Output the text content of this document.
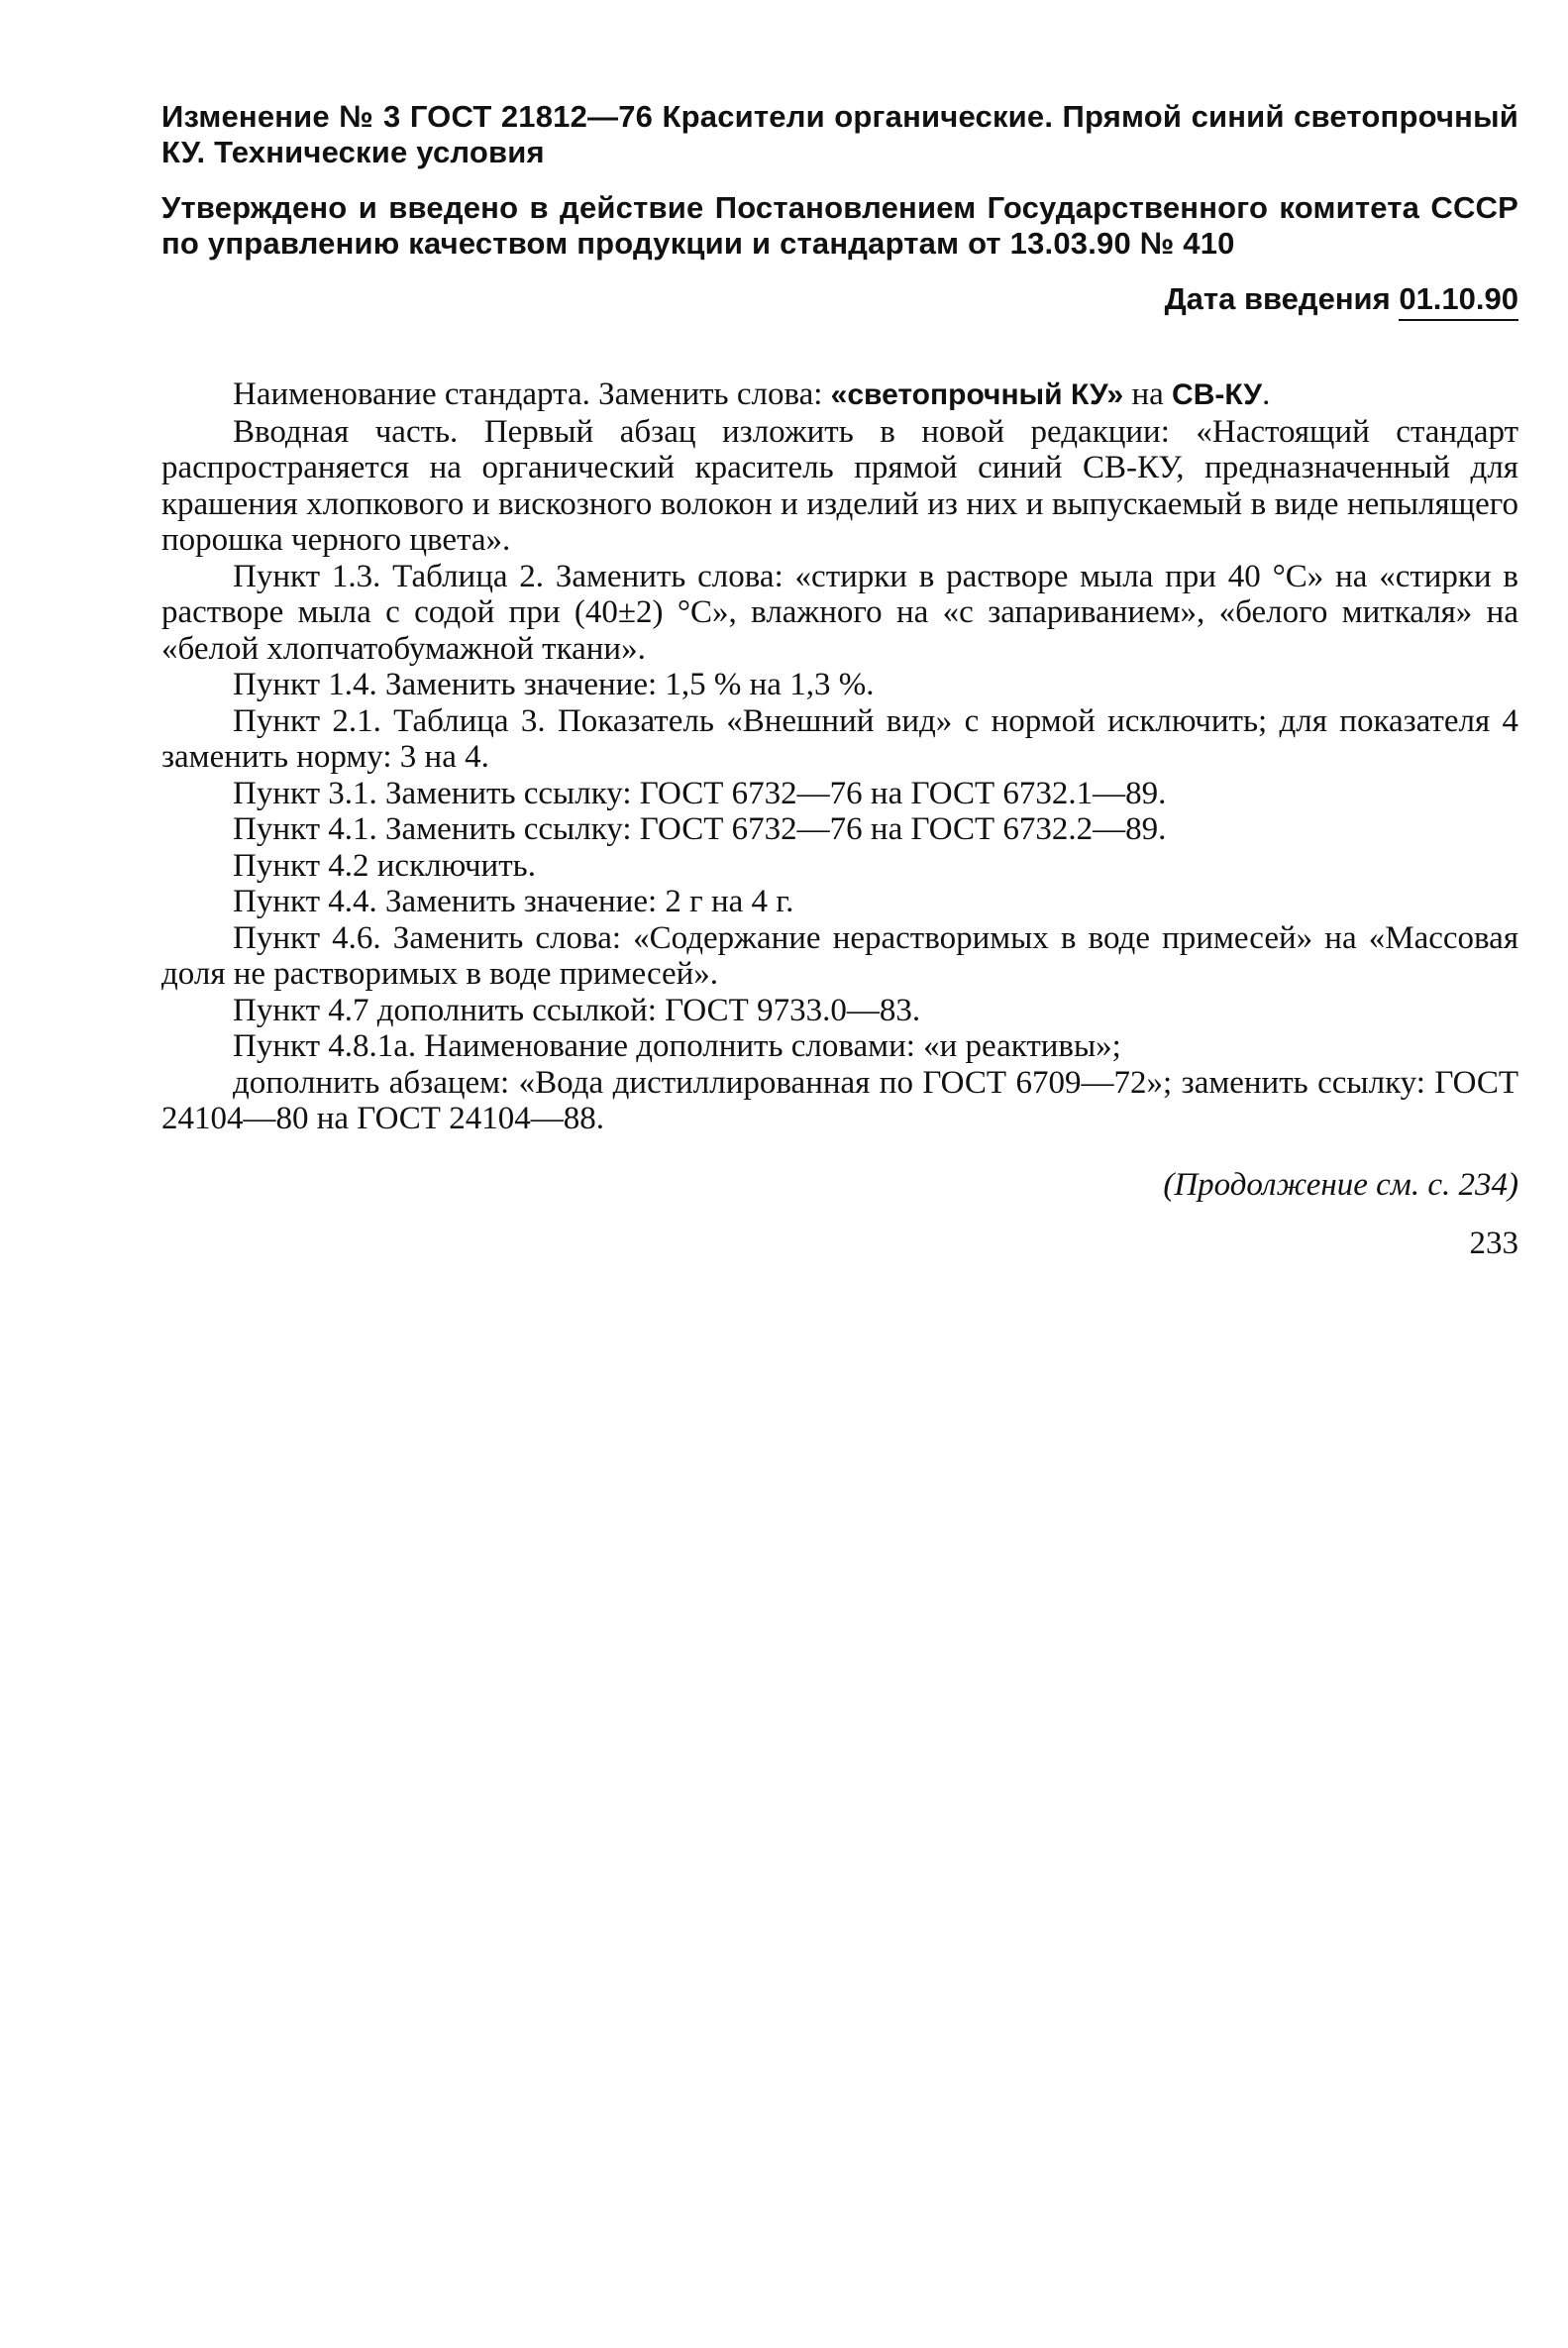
Изменение № 3 ГОСТ 21812—76 Красители органические. Прямой синий светопрочный КУ. Технические условия
Утверждено и введено в действие Постановлением Государственного комитета СССР по управлению качеством продукции и стандартам от 13.03.90 № 410
Дата введения 01.10.90

Наименование стандарта. Заменить слова: «светопрочный КУ» на СВ-КУ.

Вводная часть. Первый абзац изложить в новой редакции: «Настоящий стандарт распространяется на органический краситель прямой синий СВ-КУ, предназначенный для крашения хлопкового и вискозного волокон и изделий из них и выпускаемый в виде непылящего порошка черного цвета».

Пункт 1.3. Таблица 2. Заменить слова: «стирки в растворе мыла при 40 °С» на «стирки в растворе мыла с содой при (40±2) °С», влажного на «с запариванием», «белого миткаля» на «белой хлопчатобумажной ткани».

Пункт 1.4. Заменить значение: 1,5 % на 1,3 %.

Пункт 2.1. Таблица 3. Показатель «Внешний вид» с нормой исключить; для показателя 4 заменить норму: 3 на 4.

Пункт 3.1. Заменить ссылку: ГОСТ 6732—76 на ГОСТ 6732.1—89.

Пункт 4.1. Заменить ссылку: ГОСТ 6732—76 на ГОСТ 6732.2—89.

Пункт 4.2 исключить.

Пункт 4.4. Заменить значение: 2 г на 4 г.

Пункт 4.6. Заменить слова: «Содержание нерастворимых в воде примесей» на «Массовая доля не растворимых в воде примесей».

Пункт 4.7 дополнить ссылкой: ГОСТ 9733.0—83.

Пункт 4.8.1а. Наименование дополнить словами: «и реактивы»;

дополнить абзацем: «Вода дистиллированная по ГОСТ 6709—72»; заменить ссылку: ГОСТ 24104—80 на ГОСТ 24104—88.

(Продолжение см. с. 234)
233
